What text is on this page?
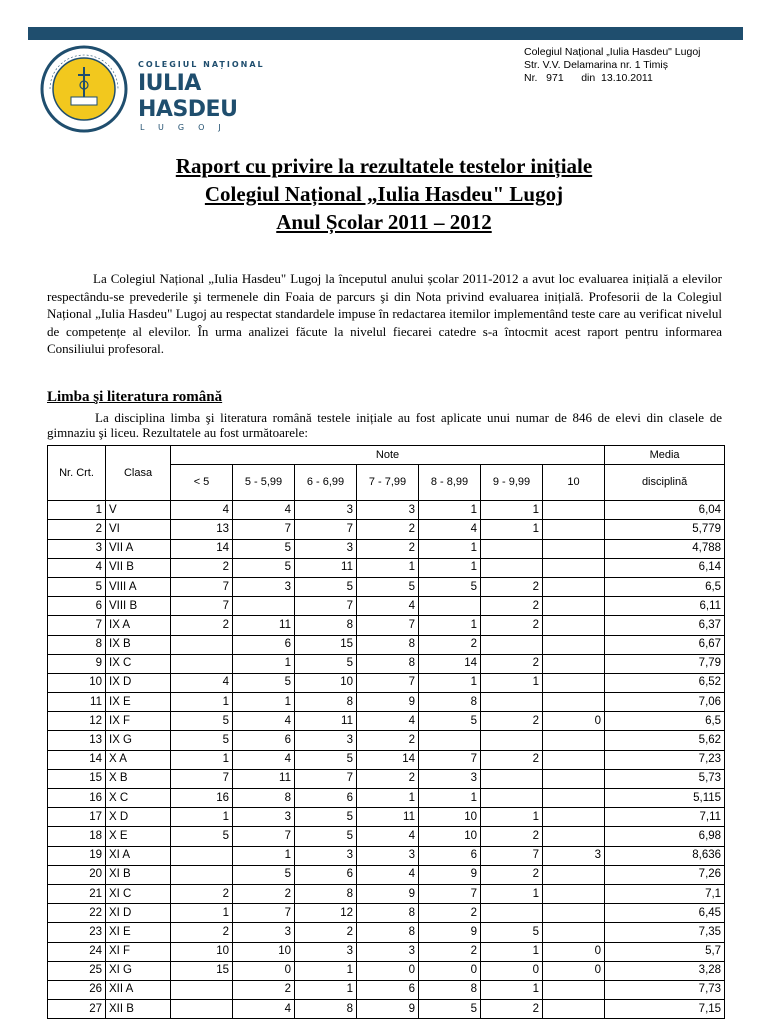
COLEGIUL NAȚIONAL
IULIA HASDEU
LUGOJ
Colegiul Național „Iulia Hasdeu" Lugoj
Str. V.V. Delamarina nr. 1 Timiș
Nr.   971      din  13.10.2011
Raport cu privire la rezultatele testelor inițiale
Colegiul Național „Iulia Hasdeu" Lugoj
Anul Școlar 2011 – 2012
La Colegiul Național „Iulia Hasdeu" Lugoj la începutul anului școlar 2011-2012 a avut loc evaluarea inițială a elevilor respectându-se prevederile şi termenele din Foaia de parcurs şi din Nota privind evaluarea inițială. Profesorii de la Colegiul Național „Iulia Hasdeu" Lugoj au respectat standardele impuse în redactarea itemilor implementând teste care au verificat nivelul de competențe al elevilor. În urma analizei făcute la nivelul fiecarei catedre s-a întocmit acest raport pentru informarea Consiliului profesoral.
Limba şi literatura română
La disciplina limba şi literatura română testele inițiale au fost aplicate unui numar de 846 de elevi din clasele de gimnaziu şi liceu. Rezultatele au fost următoarele:
Nr. Crt.	Clasa	Note							Media
		< 5	5 - 5,99	6 - 6,99	7 - 7,99	8 - 8,99	9 - 9,99	10	disciplină
1	V	4	4	3	3	1	1		6,04
2	VI	13	7	7	2	4	1		5,779
3	VII A	14	5	3	2	1			4,788
4	VII B	2	5	11	1	1			6,14
5	VIII A	7	3	5	5	5	2		6,5
6	VIII B	7		7	4		2		6,11
7	IX A	2	11	8	7	1	2		6,37
8	IX B		6	15	8	2			6,67
9	IX C		1	5	8	14	2		7,79
10	IX D	4	5	10	7	1	1		6,52
11	IX E	1	1	8	9	8			7,06
12	IX F	5	4	11	4	5	2	0	6,5
13	IX G	5	6	3	2				5,62
14	X A	1	4	5	14	7	2		7,23
15	X B	7	11	7	2	3			5,73
16	X C	16	8	6	1	1			5,115
17	X D	1	3	5	11	10	1		7,11
18	X E	5	7	5	4	10	2		6,98
19	XI A		1	3	3	6	7	3	8,636
20	XI B		5	6	4	9	2		7,26
21	XI C	2	2	8	9	7	1		7,1
22	XI D	1	7	12	8	2			6,45
23	XI E	2	3	2	8	9	5		7,35
24	XI F	10	10	3	3	2	1	0	5,7
25	XI G	15	0	1	0	0	0	0	3,28
26	XII A		2	1	6	8	1		7,73
27	XII B		4	8	9	5	2		7,15
